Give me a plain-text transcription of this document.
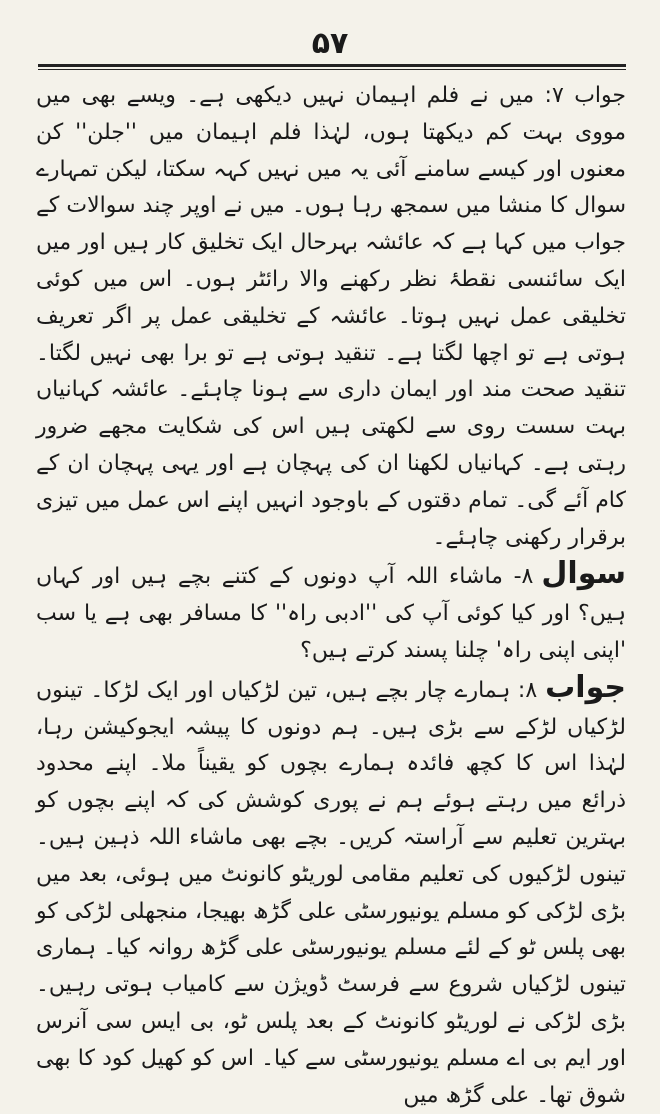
۵۷

جواب ۷: میں نے فلم اہیمان نہیں دیکھی ہے۔ ویسے بھی میں مووی بہت کم دیکھتا ہوں، لہٰذا فلم اہیمان میں ''جلن'' کن معنوں اور کیسے سامنے آئی یہ میں نہیں کہہ سکتا، لیکن تمہارے سوال کا منشا میں سمجھ رہا ہوں۔ میں نے اوپر چند سوالات کے جواب میں کہا ہے کہ عائشہ بہرحال ایک تخلیق کار ہیں اور میں ایک سائنسی نقطۂ نظر رکھنے والا رائٹر ہوں۔ اس میں کوئی تخلیقی عمل نہیں ہوتا۔ عائشہ کے تخلیقی عمل پر اگر تعریف ہوتی ہے تو اچھا لگتا ہے۔ تنقید ہوتی ہے تو برا بھی نہیں لگتا۔ تنقید صحت مند اور ایمان داری سے ہونا چاہئے۔ عائشہ کہانیاں بہت سست روی سے لکھتی ہیں اس کی شکایت مجھے ضرور رہتی ہے۔ کہانیاں لکھنا ان کی پہچان ہے اور یہی پہچان ان کے کام آئے گی۔ تمام دقتوں کے باوجود انہیں اپنے اس عمل میں تیزی برقرار رکھنی چاہئے۔

سوال۸- ماشاء اللہ آپ دونوں کے کتنے بچے ہیں اور کہاں ہیں؟ اور کیا کوئی آپ کی ''ادبی راہ'' کا مسافر بھی ہے یا سب 'اپنی اپنی راہ' چلنا پسند کرتے ہیں؟

جواب۸: ہمارے چار بچے ہیں، تین لڑکیاں اور ایک لڑکا۔ تینوں لڑکیاں لڑکے سے بڑی ہیں۔ ہم دونوں کا پیشہ ایجوکیشن رہا، لہٰذا اس کا کچھ فائدہ ہمارے بچوں کو یقیناً ملا۔ اپنے محدود ذرائع میں رہتے ہوئے ہم نے پوری کوشش کی کہ اپنے بچوں کو بہترین تعلیم سے آراستہ کریں۔ بچے بھی ماشاء اللہ ذہین ہیں۔ تینوں لڑکیوں کی تعلیم مقامی لوریٹو کانونٹ میں ہوئی، بعد میں بڑی لڑکی کو مسلم یونیورسٹی علی گڑھ بھیجا، منجھلی لڑکی کو بھی پلس ٹو کے لئے مسلم یونیورسٹی علی گڑھ روانہ کیا۔ ہماری تینوں لڑکیاں شروع سے فرسٹ ڈویژن سے کامیاب ہوتی رہیں۔ بڑی لڑکی نے لوریٹو کانونٹ کے بعد پلس ٹو، بی ایس سی آنرس اور ایم بی اے مسلم یونیورسٹی سے کیا۔ اس کو کھیل کود کا بھی شوق تھا۔ علی گڑھ میں
